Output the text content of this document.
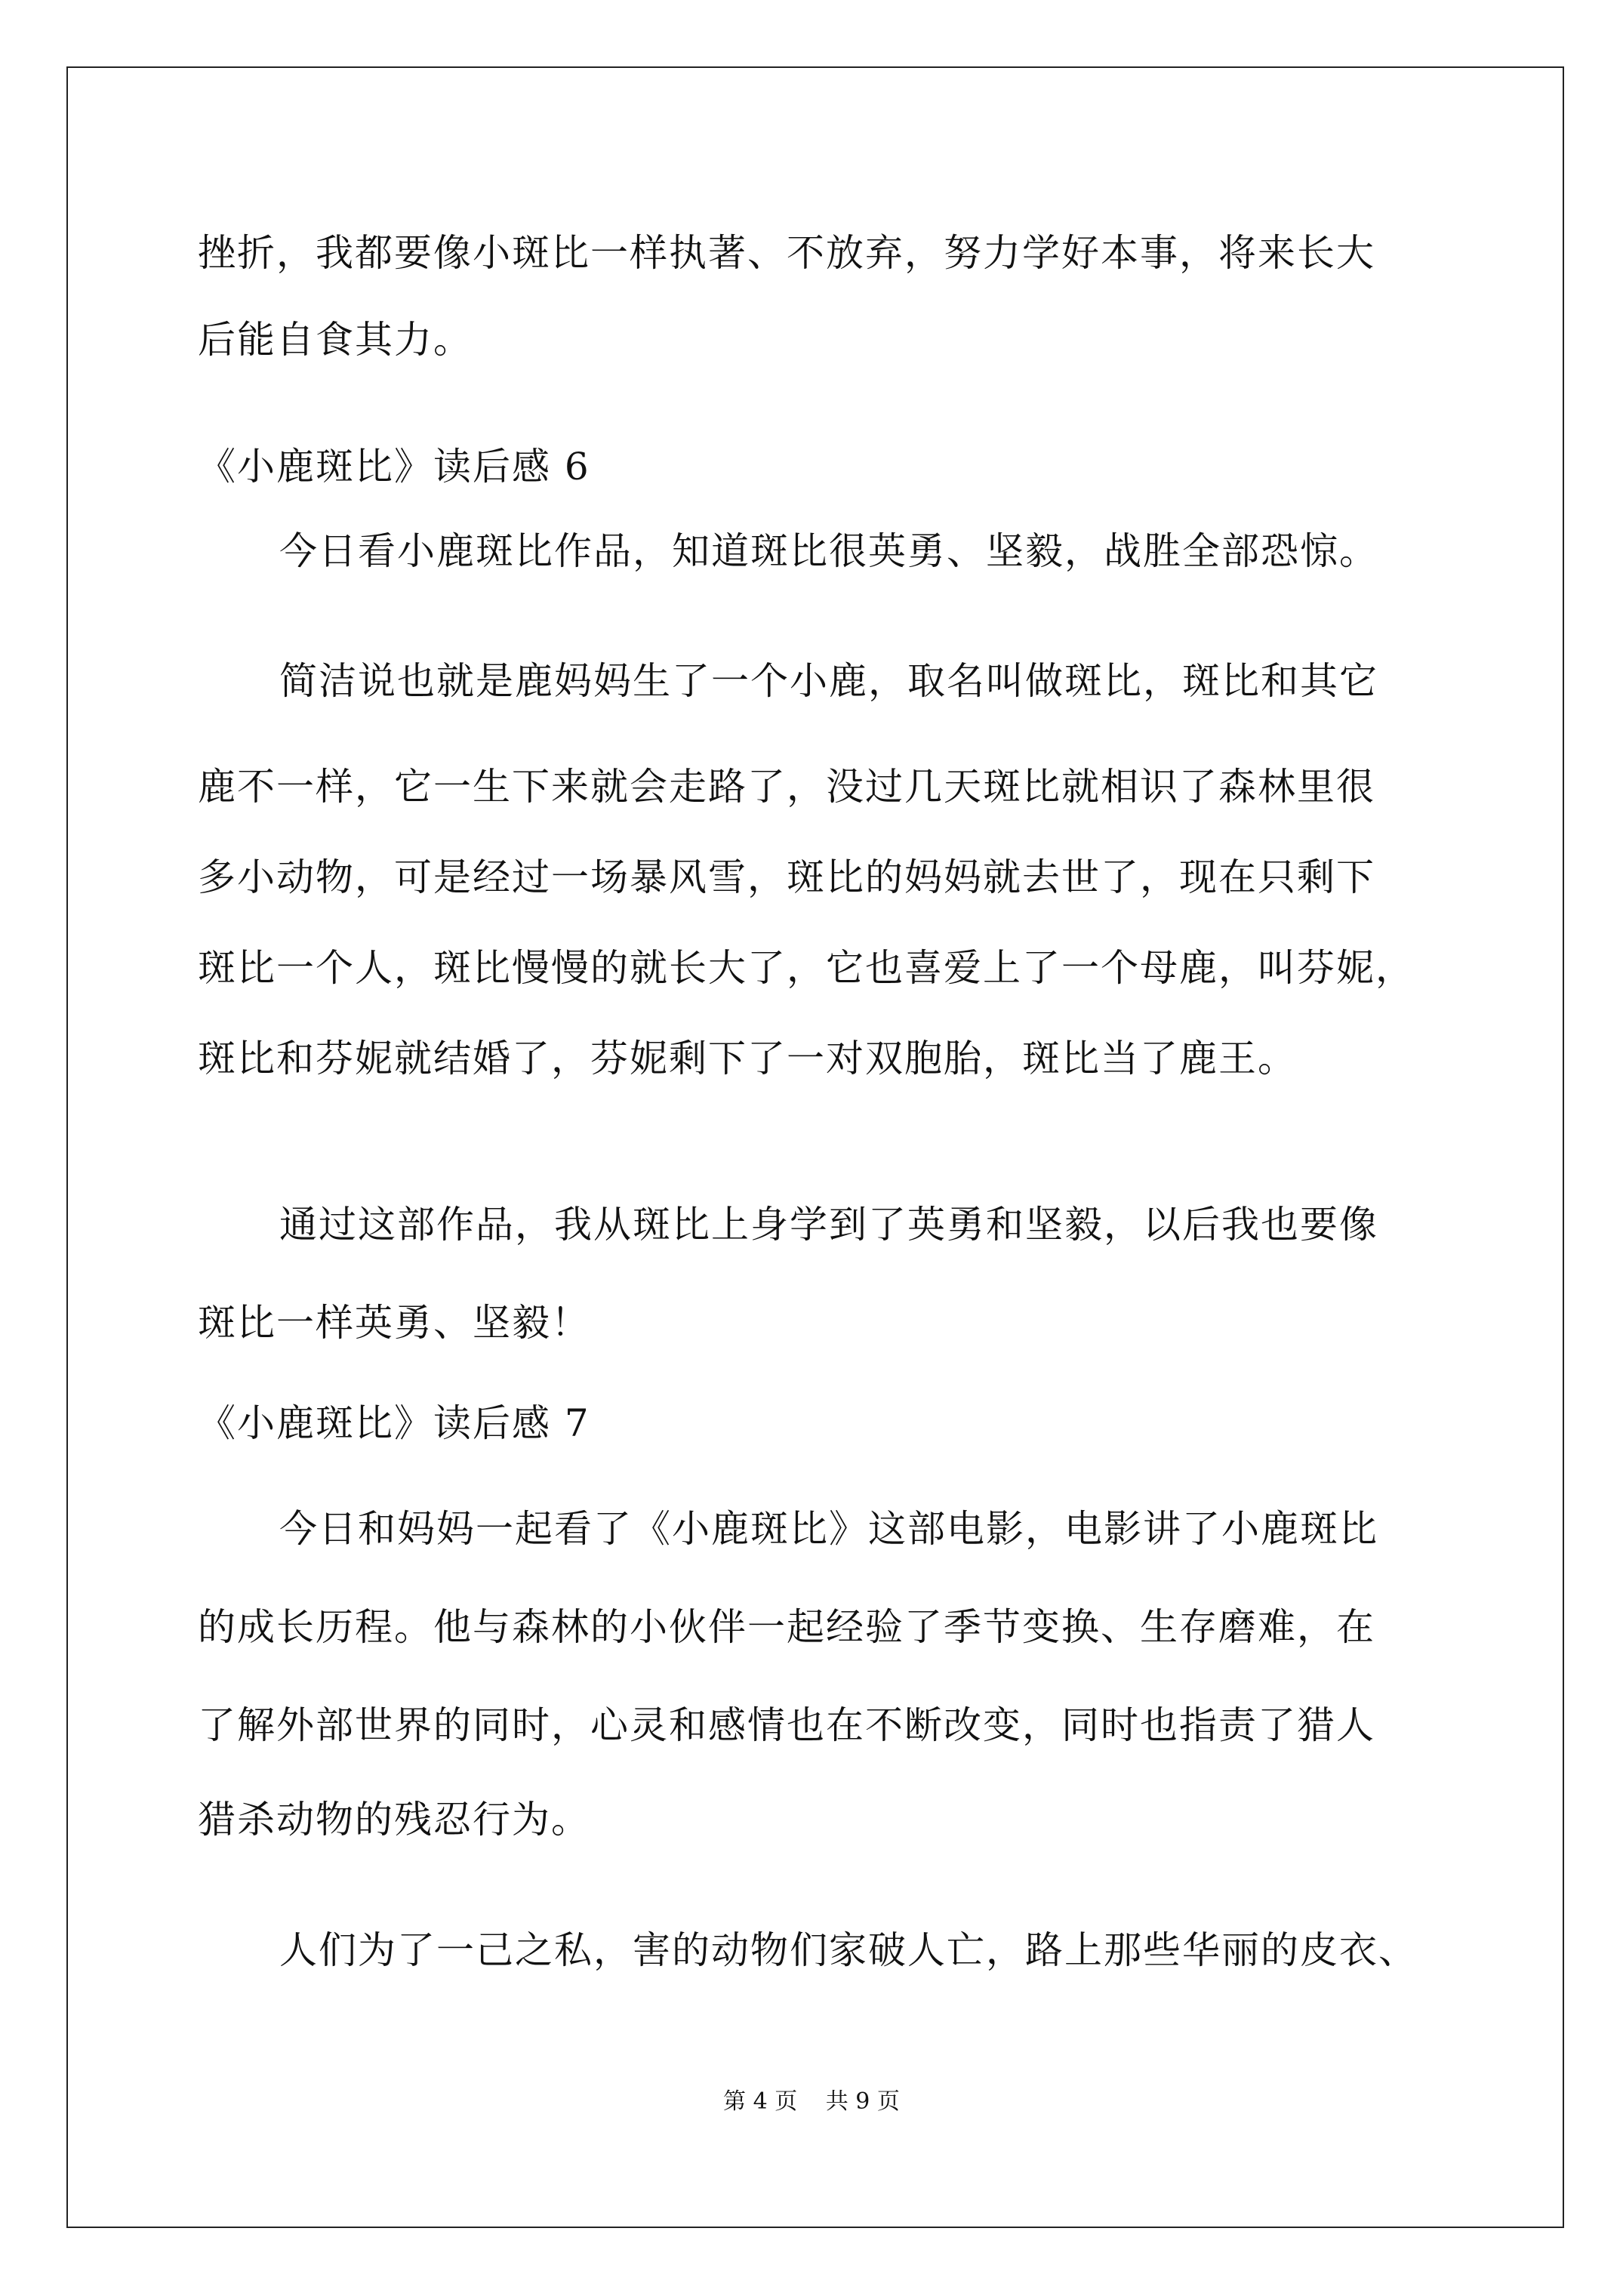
挫折，我都要像小斑比一样执著、不放弃，努力学好本事，将来长大
后能自食其力。
《小鹿斑比》读后感 6
今日看小鹿斑比作品，知道斑比很英勇、坚毅，战胜全部恐惊。
简洁说也就是鹿妈妈生了一个小鹿，取名叫做斑比，斑比和其它
鹿不一样，它一生下来就会走路了，没过几天斑比就相识了森林里很
多小动物，可是经过一场暴风雪，斑比的妈妈就去世了，现在只剩下
斑比一个人，斑比慢慢的就长大了，它也喜爱上了一个母鹿，叫芬妮，
斑比和芬妮就结婚了，芬妮剩下了一对双胞胎，斑比当了鹿王。
通过这部作品，我从斑比上身学到了英勇和坚毅，以后我也要像
斑比一样英勇、坚毅！
《小鹿斑比》读后感 7
今日和妈妈一起看了《小鹿斑比》这部电影，电影讲了小鹿斑比
的成长历程。他与森林的小伙伴一起经验了季节变换、生存磨难，在
了解外部世界的同时，心灵和感情也在不断改变，同时也指责了猎人
猎杀动物的残忍行为。
人们为了一己之私，害的动物们家破人亡，路上那些华丽的皮衣、
第 4 页 共 9 页
